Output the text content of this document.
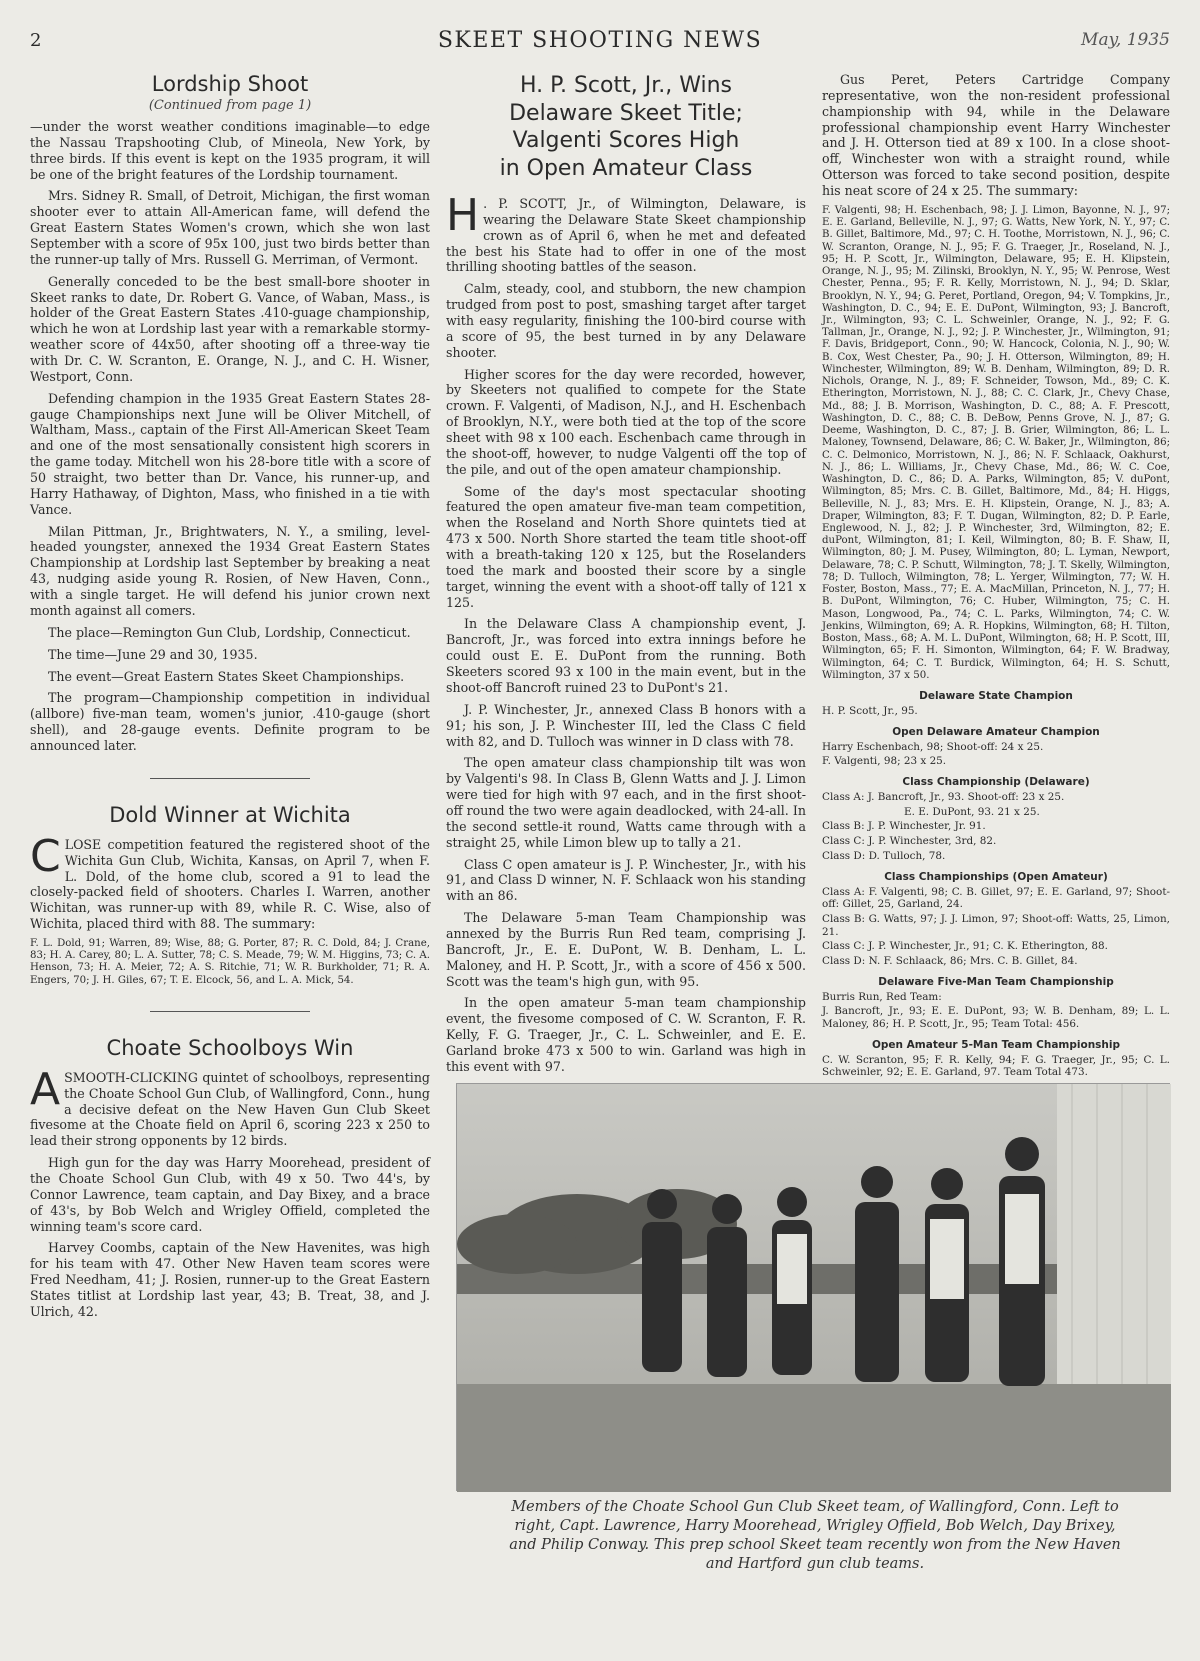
2	SKEET SHOOTING NEWS	May, 1935
Lordship Shoot
(Continued from page 1)

—under the worst weather conditions imaginable—to edge the Nassau Trapshooting Club, of Mineola, New York, by three birds. If this event is kept on the 1935 program, it will be one of the bright features of the Lordship tournament.

Mrs. Sidney R. Small, of Detroit, Michigan, the first woman shooter ever to attain All-American fame, will defend the Great Eastern States Women's crown, which she won last September with a score of 95x 100, just two birds better than the runner-up tally of Mrs. Russell G. Merriman, of Vermont.

Generally conceded to be the best small-bore shooter in Skeet ranks to date, Dr. Robert G. Vance, of Waban, Mass., is holder of the Great Eastern States .410-guage championship, which he won at Lordship last year with a remarkable stormy-weather score of 44x50, after shooting off a three-way tie with Dr. C. W. Scranton, E. Orange, N. J., and C. H. Wisner, Westport, Conn.

Defending champion in the 1935 Great Eastern States 28-gauge Championships next June will be Oliver Mitchell, of Waltham, Mass., captain of the First All-American Skeet Team and one of the most sensationally consistent high scorers in the game today. Mitchell won his 28-bore title with a score of 50 straight, two better than Dr. Vance, his runner-up, and Harry Hathaway, of Dighton, Mass, who finished in a tie with Vance.

Milan Pittman, Jr., Brightwaters, N. Y., a smiling, level-headed youngster, annexed the 1934 Great Eastern States Championship at Lordship last September by breaking a neat 43, nudging aside young R. Rosien, of New Haven, Conn., with a single target. He will defend his junior crown next month against all comers.

The place—Remington Gun Club, Lordship, Connecticut.

The time—June 29 and 30, 1935.

The event—Great Eastern States Skeet Championships.

The program—Championship competition in individual (allbore) five-man team, women's junior, .410-gauge (short shell), and 28-gauge events. Definite program to be announced later.

Dold Winner at Wichita

CLOSE competition featured the registered shoot of the Wichita Gun Club, Wichita, Kansas, on April 7, when F. L. Dold, of the home club, scored a 91 to lead the closely-packed field of shooters. Charles I. Warren, another Wichitan, was runner-up with 89, while R. C. Wise, also of Wichita, placed third with 88. The summary:

F. L. Dold, 91; Warren, 89; Wise, 88; G. Porter, 87; R. C. Dold, 84; J. Crane, 83; H. A. Carey, 80; L. A. Sutter, 78; C. S. Meade, 79; W. M. Higgins, 73; C. A. Henson, 73; H. A. Meier, 72; A. S. Ritchie, 71; W. R. Burkholder, 71; R. A. Engers, 70; J. H. Giles, 67; T. E. Elcock, 56, and L. A. Mick, 54.

Choate Schoolboys Win

ASMOOTH-CLICKING quintet of schoolboys, representing the Choate School Gun Club, of Wallingford, Conn., hung a decisive defeat on the New Haven Gun Club Skeet fivesome at the Choate field on April 6, scoring 223 x 250 to lead their strong opponents by 12 birds.

High gun for the day was Harry Moorehead, president of the Choate School Gun Club, with 49 x 50. Two 44's, by Connor Lawrence, team captain, and Day Bixey, and a brace of 43's, by Bob Welch and Wrigley Offield, completed the winning team's score card.

Harvey Coombs, captain of the New Havenites, was high for his team with 47. Other New Haven team scores were Fred Needham, 41; J. Rosien, runner-up to the Great Eastern States titlist at Lordship last year, 43; B. Treat, 38, and J. Ulrich, 42.

H. P. Scott, Jr., Wins
Delaware Skeet Title;
Valgenti Scores High
in Open Amateur Class

H . P. SCOTT, Jr., of Wilmington, Delaware, is wearing the Delaware State Skeet championship crown as of April 6, when he met and defeated the best his State had to offer in one of the most thrilling shooting battles of the season.

Calm, steady, cool, and stubborn, the new champion trudged from post to post, smashing target after target with easy regularity, finishing the 100-bird course with a score of 95, the best turned in by any Delaware shooter.

Higher scores for the day were recorded, however, by Skeeters not qualified to compete for the State crown. F. Valgenti, of Madison, N.J., and H. Eschenbach of Brooklyn, N.Y., were both tied at the top of the score sheet with 98 x 100 each. Eschenbach came through in the shoot-off, however, to nudge Valgenti off the top of the pile, and out of the open amateur championship.

Some of the day's most spectacular shooting featured the open amateur five-man team competition, when the Roseland and North Shore quintets tied at 473 x 500. North Shore started the team title shoot-off with a breath-taking 120 x 125, but the Roselanders toed the mark and boosted their score by a single target, winning the event with a shoot-off tally of 121 x 125.

In the Delaware Class A championship event, J. Bancroft, Jr., was forced into extra innings before he could oust E. E. DuPont from the running. Both Skeeters scored 93 x 100 in the main event, but in the shoot-off Bancroft ruined 23 to DuPont's 21.

J. P. Winchester, Jr., annexed Class B honors with a 91; his son, J. P. Winchester III, led the Class C field with 82, and D. Tulloch was winner in D class with 78.

The open amateur class championship tilt was won by Valgenti's 98. In Class B, Glenn Watts and J. J. Limon were tied for high with 97 each, and in the first shoot-off round the two were again deadlocked, with 24-all. In the second settle-it round, Watts came through with a straight 25, while Limon blew up to tally a 21.

Class C open amateur is J. P. Winchester, Jr., with his 91, and Class D winner, N. F. Schlaack won his standing with an 86.

The Delaware 5-man Team Championship was annexed by the Burris Run Red team, comprising J. Bancroft, Jr., E. E. DuPont, W. B. Denham, L. L. Maloney, and H. P. Scott, Jr., with a score of 456 x 500. Scott was the team's high gun, with 95.

In the open amateur 5-man team championship event, the fivesome composed of C. W. Scranton, F. R. Kelly, F. G. Traeger, Jr., C. L. Schweinler, and E. E. Garland broke 473 x 500 to win. Garland was high in this event with 97.

Gus Peret, Peters Cartridge Company representative, won the non-resident professional championship with 94, while in the Delaware professional championship event Harry Winchester and J. H. Otterson tied at 89 x 100. In a close shoot-off, Winchester won with a straight round, while Otterson was forced to take second position, despite his neat score of 24 x 25. The summary:

F. Valgenti, 98; H. Eschenbach, 98; J. J. Limon, Bayonne, N. J., 97; E. E. Garland, Belleville, N. J., 97; G. Watts, New York, N. Y., 97; C. B. Gillet, Baltimore, Md., 97; C. H. Toothe, Morristown, N. J., 96; C. W. Scranton, Orange, N. J., 95; F. G. Traeger, Jr., Roseland, N. J., 95; H. P. Scott, Jr., Wilmington, Delaware, 95; E. H. Klipstein, Orange, N. J., 95; M. Zilinski, Brooklyn, N. Y., 95; W. Penrose, West Chester, Penna., 95; F. R. Kelly, Morristown, N. J., 94; D. Sklar, Brooklyn, N. Y., 94; G. Peret, Portland, Oregon, 94; V. Tompkins, Jr., Washington, D. C., 94; E. E. DuPont, Wilmington, 93; J. Bancroft, Jr., Wilmington, 93; C. L. Schweinler, Orange, N. J., 92; F. G. Tallman, Jr., Orange, N. J., 92; J. P. Winchester, Jr., Wilmington, 91; F. Davis, Bridgeport, Conn., 90; W. Hancock, Colonia, N. J., 90; W. B. Cox, West Chester, Pa., 90; J. H. Otterson, Wilmington, 89; H. Winchester, Wilmington, 89; W. B. Denham, Wilmington, 89; D. R. Nichols, Orange, N. J., 89; F. Schneider, Towson, Md., 89; C. K. Etherington, Morristown, N. J., 88; C. C. Clark, Jr., Chevy Chase, Md., 88; J. B. Morrison, Washington, D. C., 88; A. F. Prescott, Washington, D. C., 88; C. B. DeBow, Penns Grove, N. J., 87; G. Deeme, Washington, D. C., 87; J. B. Grier, Wilmington, 86; L. L. Maloney, Townsend, Delaware, 86; C. W. Baker, Jr., Wilmington, 86; C. C. Delmonico, Morristown, N. J., 86; N. F. Schlaack, Oakhurst, N. J., 86; L. Williams, Jr., Chevy Chase, Md., 86; W. C. Coe, Washington, D. C., 86; D. A. Parks, Wilmington, 85; V. duPont, Wilmington, 85; Mrs. C. B. Gillet, Baltimore, Md., 84; H. Higgs, Belleville, N. J., 83; Mrs. E. H. Klipstein, Orange, N. J., 83; A. Draper, Wilmington, 83; F. T. Dugan, Wilmington, 82; D. P. Earle, Englewood, N. J., 82; J. P. Winchester, 3rd, Wilmington, 82; E. duPont, Wilmington, 81; I. Keil, Wilmington, 80; B. F. Shaw, II, Wilmington, 80; J. M. Pusey, Wilmington, 80; L. Lyman, Newport, Delaware, 78; C. P. Schutt, Wilmington, 78; J. T. Skelly, Wilmington, 78; D. Tulloch, Wilmington, 78; L. Yerger, Wilmington, 77; W. H. Foster, Boston, Mass., 77; E. A. MacMillan, Princeton, N. J., 77; H. B. DuPont, Wilmington, 76; C. Huber, Wilmington, 75; C. H. Mason, Longwood, Pa., 74; C. L. Parks, Wilmington, 74; C. W. Jenkins, Wilmington, 69; A. R. Hopkins, Wilmington, 68; H. Tilton, Boston, Mass., 68; A. M. L. DuPont, Wilmington, 68; H. P. Scott, III, Wilmington, 65; F. H. Simonton, Wilmington, 64; F. W. Bradway, Wilmington, 64; C. T. Burdick, Wilmington, 64; H. S. Schutt, Wilmington, 37 x 50.

Delaware State Champion

H. P. Scott, Jr., 95.

Open Delaware Amateur Champion

Harry Eschenbach, 98; Shoot-off: 24 x 25.

F. Valgenti, 98; 23 x 25.

Class Championship (Delaware)

Class A: J. Bancroft, Jr., 93. Shoot-off: 23 x 25.

E. E. DuPont, 93. 21 x 25.

Class B: J. P. Winchester, Jr. 91.

Class C: J. P. Winchester, 3rd, 82.

Class D: D. Tulloch, 78.

Class Championships (Open Amateur)

Class A: F. Valgenti, 98; C. B. Gillet, 97; E. E. Garland, 97; Shoot-off: Gillet, 25, Garland, 24.

Class B: G. Watts, 97; J. J. Limon, 97; Shoot-off: Watts, 25, Limon, 21.

Class C: J. P. Winchester, Jr., 91; C. K. Etherington, 88.

Class D: N. F. Schlaack, 86; Mrs. C. B. Gillet, 84.

Delaware Five-Man Team Championship

Burris Run, Red Team:

J. Bancroft, Jr., 93; E. E. DuPont, 93; W. B. Denham, 89; L. L. Maloney, 86; H. P. Scott, Jr., 95; Team Total: 456.

Open Amateur 5-Man Team Championship

C. W. Scranton, 95; F. R. Kelly, 94; F. G. Traeger, Jr., 95; C. L. Schweinler, 92; E. E. Garland, 97. Team Total 473.

Members of the Choate School Gun Club Skeet team, of Wallingford, Conn. Left to
right, Capt. Lawrence, Harry Moorehead, Wrigley Offield, Bob Welch, Day Brixey,
and Philip Conway. This prep school Skeet team recently won from the New Haven
and Hartford gun club teams.
